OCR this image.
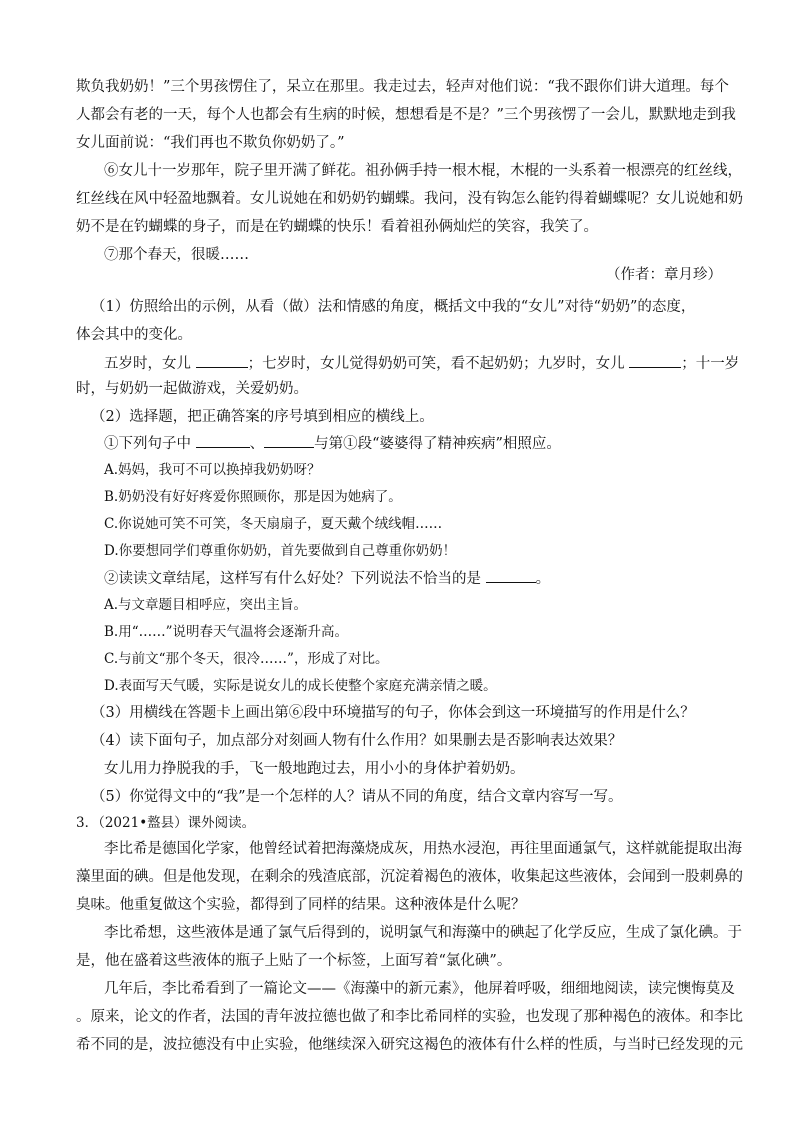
欺负我奶奶！”三个男孩愣住了，呆立在那里。我走过去，轻声对他们说：“我不跟你们讲大道理。每个
人都会有老的一天，每个人也都会有生病的时候，想想看是不是？”三个男孩愣了一会儿，默默地走到我
女儿面前说：“我们再也不欺负你奶奶了。”
⑥女儿十一岁那年，院子里开满了鲜花。祖孙俩手持一根木棍，木棍的一头系着一根漂亮的红丝线，
红丝线在风中轻盈地飘着。女儿说她在和奶奶钓蝴蝶。我问，没有钩怎么能钓得着蝴蝶呢？女儿说她和奶
奶不是在钓蝴蝶的身子，而是在钓蝴蝶的快乐！看着祖孙俩灿烂的笑容，我笑了。
⑦那个春天，很暖……
（作者：章月珍）
（1）仿照给出的示例，从看（做）法和情感的角度，概括文中我的“女儿”对待“奶奶”的态度，
体会其中的变化。
五岁时，女儿	；七岁时，女儿觉得奶奶可笑，看不起奶奶；九岁时，女儿	；十一岁
时，与奶奶一起做游戏，关爱奶奶。
（2）选择题，把正确答案的序号填到相应的横线上。
①下列句子中	、	与第①段“婆婆得了精神疾病”相照应。
A.妈妈，我可不可以换掉我奶奶呀？
B.奶奶没有好好疼爱你照顾你，那是因为她病了。
C.你说她可笑不可笑，冬天扇扇子，夏天戴个绒线帽……
D.你要想同学们尊重你奶奶，首先要做到自己尊重你奶奶！
②读读文章结尾，这样写有什么好处？下列说法不恰当的是	。
A.与文章题目相呼应，突出主旨。
B.用“……”说明春天气温将会逐渐升高。
C.与前文“那个冬天，很冷……”，形成了对比。
D.表面写天气暖，实际是说女儿的成长使整个家庭充满亲情之暖。
（3）用横线在答题卡上画出第⑥段中环境描写的句子，你体会到这一环境描写的作用是什么？
（4）读下面句子，加点部分对刻画人物有什么作用？如果删去是否影响表达效果？
女儿用力挣脱我的手，飞一般地跑过去，用小小的身体护着奶奶。
（5）你觉得文中的“我”是一个怎样的人？请从不同的角度，结合文章内容写一写。
3．（2021•盩县）课外阅读。
李比希是德国化学家，他曾经试着把海藻烧成灰，用热水浸泡，再往里面通氯气，这样就能提取出海
藻里面的碘。但是他发现，在剩余的残渣底部，沉淀着褐色的液体，收集起这些液体，会闻到一股刺鼻的
臭味。他重复做这个实验，都得到了同样的结果。这种液体是什么呢？
李比希想，这些液体是通了氯气后得到的，说明氯气和海藻中的碘起了化学反应，生成了氯化碘。于
是，他在盛着这些液体的瓶子上贴了一个标签，上面写着“氯化碘”。
几年后，李比希看到了一篇论文——《海藻中的新元素》，他屏着呼吸，细细地阅读，读完懊悔莫及
。原来，论文的作者，法国的青年波拉德也做了和李比希同样的实验，也发现了那种褐色的液体。和李比
希不同的是，波拉德没有中止实验，他继续深入研究这褐色的液体有什么样的性质，与当时已经发现的元
